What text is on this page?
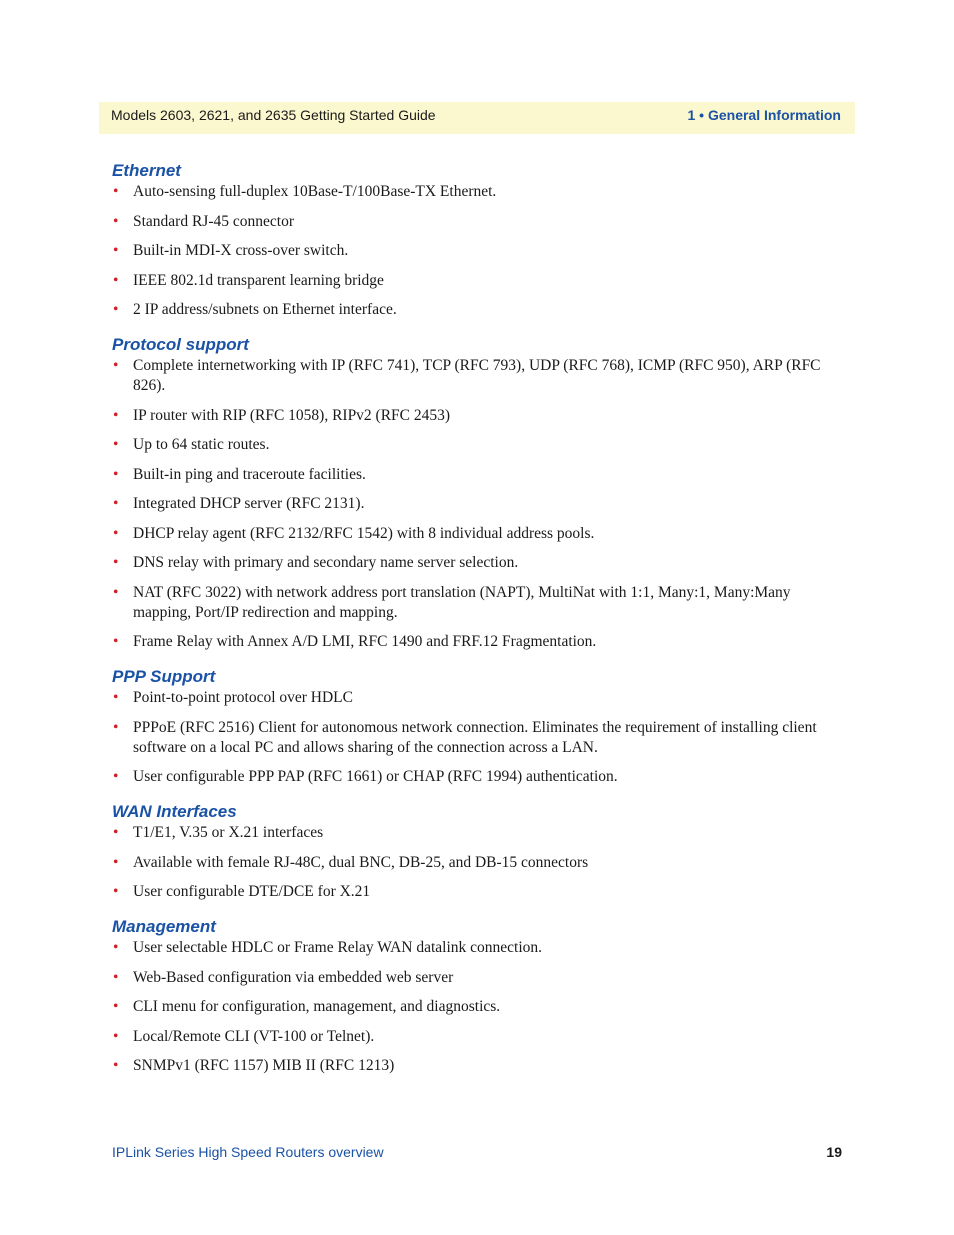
Models 2603, 2621, and 2635 Getting Started Guide	1 • General Information
Ethernet
• Auto-sensing full-duplex 10Base-T/100Base-TX Ethernet.
• Standard RJ-45 connector
• Built-in MDI-X cross-over switch.
• IEEE 802.1d transparent learning bridge
• 2 IP address/subnets on Ethernet interface.
Protocol support
• Complete internetworking with IP (RFC 741), TCP (RFC 793), UDP (RFC 768), ICMP (RFC 950), ARP (RFC 826).
• IP router with RIP (RFC 1058), RIPv2 (RFC 2453)
• Up to 64 static routes.
• Built-in ping and traceroute facilities.
• Integrated DHCP server (RFC 2131).
• DHCP relay agent (RFC 2132/RFC 1542) with 8 individual address pools.
• DNS relay with primary and secondary name server selection.
• NAT (RFC 3022) with network address port translation (NAPT), MultiNat with 1:1, Many:1, Many:Many mapping, Port/IP redirection and mapping.
• Frame Relay with Annex A/D LMI, RFC 1490 and FRF.12 Fragmentation.
PPP Support
• Point-to-point protocol over HDLC
• PPPoE (RFC 2516) Client for autonomous network connection. Eliminates the requirement of installing client software on a local PC and allows sharing of the connection across a LAN.
• User configurable PPP PAP (RFC 1661) or CHAP (RFC 1994) authentication.
WAN Interfaces
• T1/E1, V.35 or X.21 interfaces
• Available with female RJ-48C, dual BNC, DB-25, and DB-15 connectors
• User configurable DTE/DCE for X.21
Management
• User selectable HDLC or Frame Relay WAN datalink connection.
• Web-Based configuration via embedded web server
• CLI menu for configuration, management, and diagnostics.
• Local/Remote CLI (VT-100 or Telnet).
• SNMPv1 (RFC 1157) MIB II (RFC 1213)
IPLink Series High Speed Routers overview	19
